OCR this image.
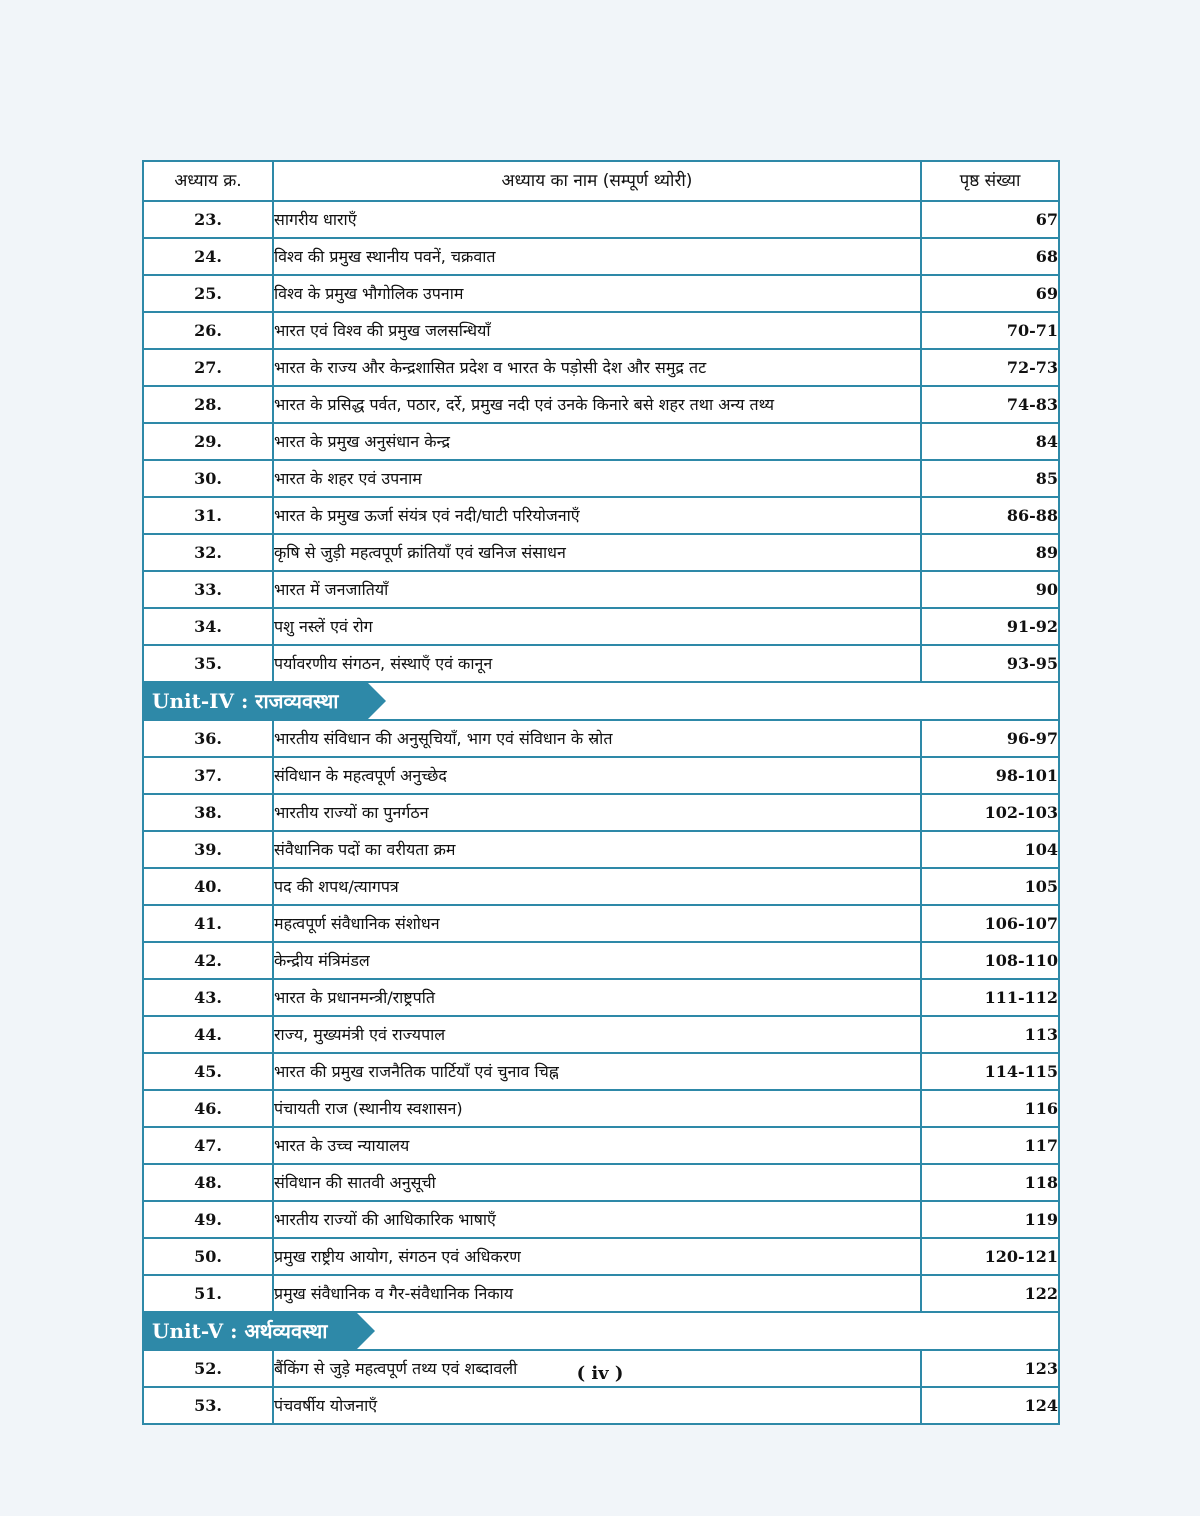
अध्याय क्र.	अध्याय का नाम (सम्पूर्ण थ्योरी)	पृष्ठ संख्या
23.	सागरीय धाराएँ	67
24.	विश्व की प्रमुख स्थानीय पवनें, चक्रवात	68
25.	विश्व के प्रमुख भौगोलिक उपनाम	69
26.	भारत एवं विश्व की प्रमुख जलसन्धियाँ	70-71
27.	भारत के राज्य और केन्द्रशासित प्रदेश व भारत के पड़ोसी देश और समुद्र तट	72-73
28.	भारत के प्रसिद्ध पर्वत, पठार, दर्रे, प्रमुख नदी एवं उनके किनारे बसे शहर तथा अन्य तथ्य	74-83
29.	भारत के प्रमुख अनुसंधान केन्द्र	84
30.	भारत के शहर एवं उपनाम	85
31.	भारत के प्रमुख ऊर्जा संयंत्र एवं नदी/घाटी परियोजनाएँ	86-88
32.	कृषि से जुड़ी महत्वपूर्ण क्रांतियाँ एवं खनिज संसाधन	89
33.	भारत में जनजातियाँ	90
34.	पशु नस्लें एवं रोग	91-92
35.	पर्यावरणीय संगठन, संस्थाएँ एवं कानून	93-95
Unit-IV : राजव्यवस्था		
36.	भारतीय संविधान की अनुसूचियाँ, भाग एवं संविधान के स्रोत	96-97
37.	संविधान के महत्वपूर्ण अनुच्छेद	98-101
38.	भारतीय राज्यों का पुनर्गठन	102-103
39.	संवैधानिक पदों का वरीयता क्रम	104
40.	पद की शपथ/त्यागपत्र	105
41.	महत्वपूर्ण संवैधानिक संशोधन	106-107
42.	केन्द्रीय मंत्रिमंडल	108-110
43.	भारत के प्रधानमन्त्री/राष्ट्रपति	111-112
44.	राज्य, मुख्यमंत्री एवं राज्यपाल	113
45.	भारत की प्रमुख राजनैतिक पार्टियाँ एवं चुनाव चिह्न	114-115
46.	पंचायती राज (स्थानीय स्वशासन)	116
47.	भारत के उच्च न्यायालय	117
48.	संविधान की सातवी अनुसूची	118
49.	भारतीय राज्यों की आधिकारिक भाषाएँ	119
50.	प्रमुख राष्ट्रीय आयोग, संगठन एवं अधिकरण	120-121
51.	प्रमुख संवैधानिक व गैर-संवैधानिक निकाय	122
Unit-V : अर्थव्यवस्था		
52.	बैंकिंग से जुड़े महत्वपूर्ण तथ्य एवं शब्दावली	123
53.	पंचवर्षीय योजनाएँ	124
( iv )
